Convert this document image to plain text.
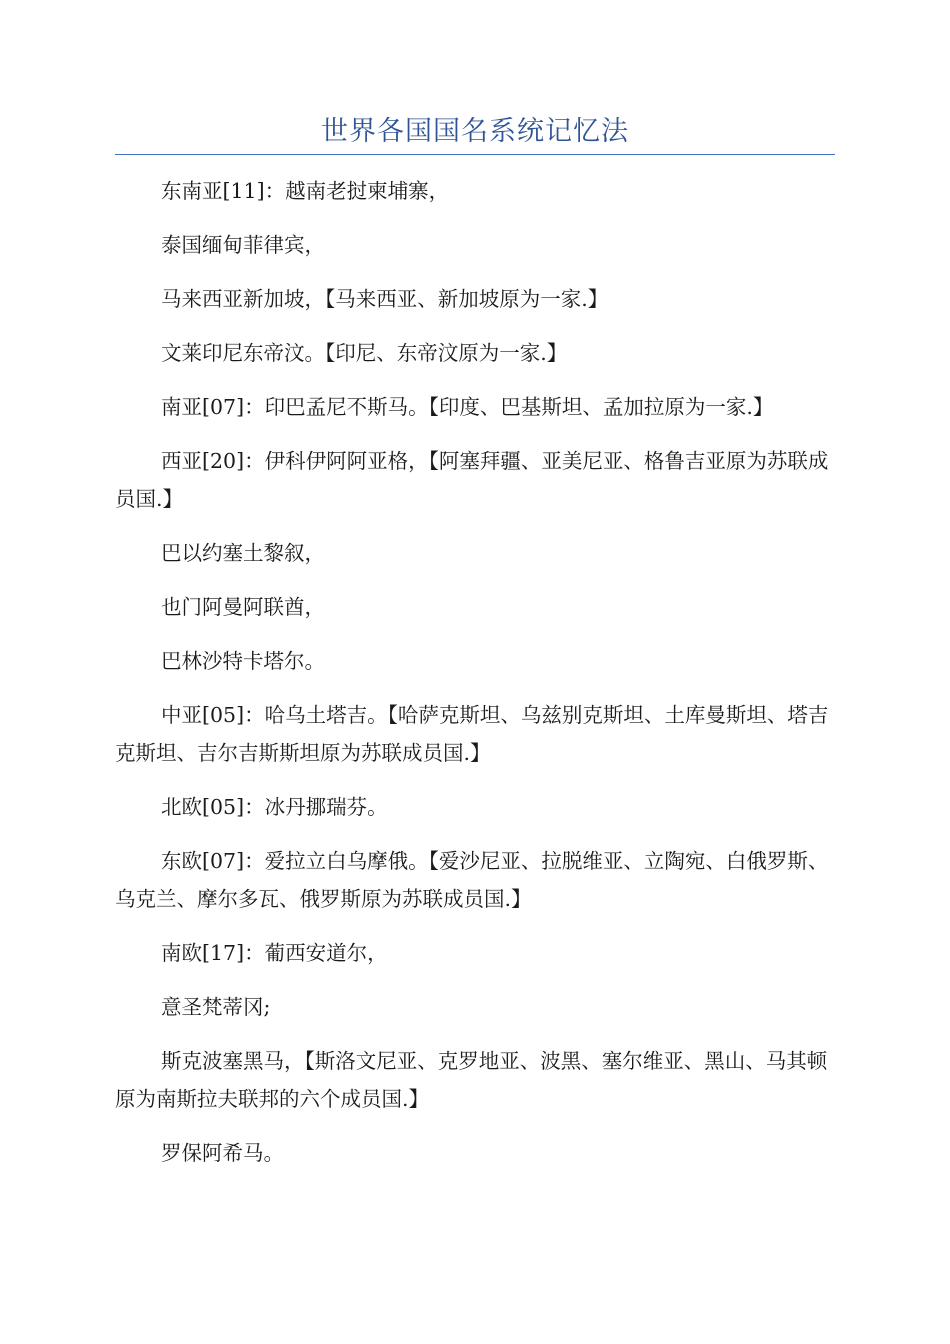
世界各国国名系统记忆法

东南亚[11]：越南老挝柬埔寨，

泰国缅甸菲律宾，

马来西亚新加坡，【马来西亚、新加坡原为一家.】

文莱印尼东帝汶。【印尼、东帝汶原为一家.】

南亚[07]：印巴孟尼不斯马。【印度、巴基斯坦、孟加拉原为一家.】

西亚[20]：伊科伊阿阿亚格，【阿塞拜疆、亚美尼亚、格鲁吉亚原为苏联成员国.】

巴以约塞土黎叙，

也门阿曼阿联酋，

巴林沙特卡塔尔。

中亚[05]：哈乌土塔吉。【哈萨克斯坦、乌兹别克斯坦、土库曼斯坦、塔吉克斯坦、吉尔吉斯斯坦原为苏联成员国.】

北欧[05]：冰丹挪瑞芬。

东欧[07]：爱拉立白乌摩俄。【爱沙尼亚、拉脱维亚、立陶宛、白俄罗斯、乌克兰、摩尔多瓦、俄罗斯原为苏联成员国.】

南欧[17]：葡西安道尔，

意圣梵蒂冈;

斯克波塞黑马，【斯洛文尼亚、克罗地亚、波黑、塞尔维亚、黑山、马其顿原为南斯拉夫联邦的六个成员国.】

罗保阿希马。
